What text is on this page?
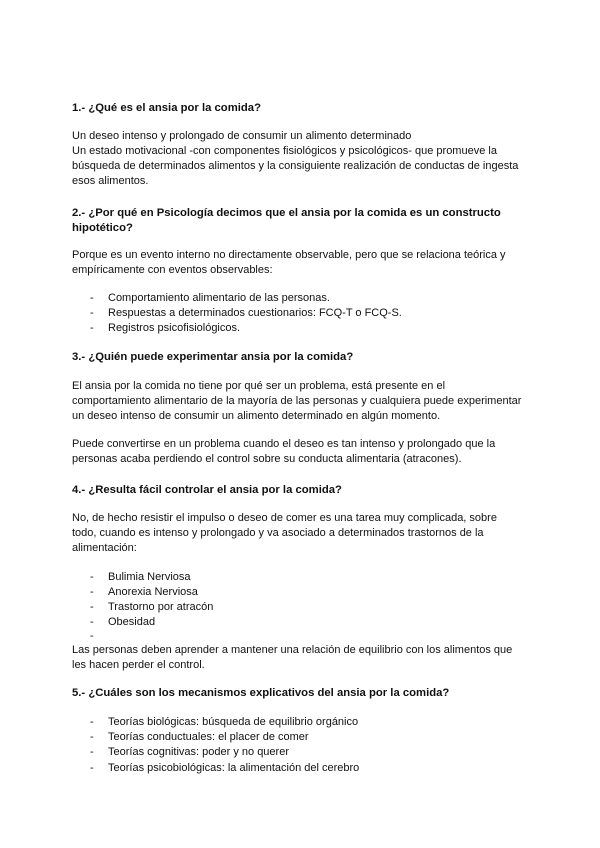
1.- ¿Qué es el ansia por la comida?
Un deseo intenso y prolongado de consumir un alimento determinado
Un estado motivacional -con componentes fisiológicos y psicológicos- que promueve la
búsqueda de determinados alimentos y la consiguiente realización de conductas de ingesta
esos alimentos.
2.- ¿Por qué en Psicología decimos que el ansia por la comida es un constructo
hipotético?
Porque es un evento interno no directamente observable, pero que se relaciona teórica y
empíricamente con eventos observables:
- Comportamiento alimentario de las personas.
- Respuestas a determinados cuestionarios: FCQ-T o FCQ-S.
- Registros psicofisiológicos.
3.- ¿Quién puede experimentar ansia por la comida?
El ansia por la comida no tiene por qué ser un problema, está presente en el
comportamiento alimentario de la mayoría de las personas y cualquiera puede experimentar
un deseo intenso de consumir un alimento determinado en algún momento.
Puede convertirse en un problema cuando el deseo es tan intenso y prolongado que la
personas acaba perdiendo el control sobre su conducta alimentaria (atracones).
4.- ¿Resulta fácil controlar el ansia por la comida?
No, de hecho resistir el impulso o deseo de comer es una tarea muy complicada, sobre
todo, cuando es intenso y prolongado y va asociado a determinados trastornos de la
alimentación:
- Bulimia Nerviosa
- Anorexia Nerviosa
- Trastorno por atracón
- Obesidad
-
Las personas deben aprender a mantener una relación de equilibrio con los alimentos que
les hacen perder el control.
5.- ¿Cuáles son los mecanismos explicativos del ansia por la comida?
- Teorías biológicas: búsqueda de equilibrio orgánico
- Teorías conductuales: el placer de comer
- Teorías cognitivas: poder y no querer
- Teorías psicobiológicas: la alimentación del cerebro
